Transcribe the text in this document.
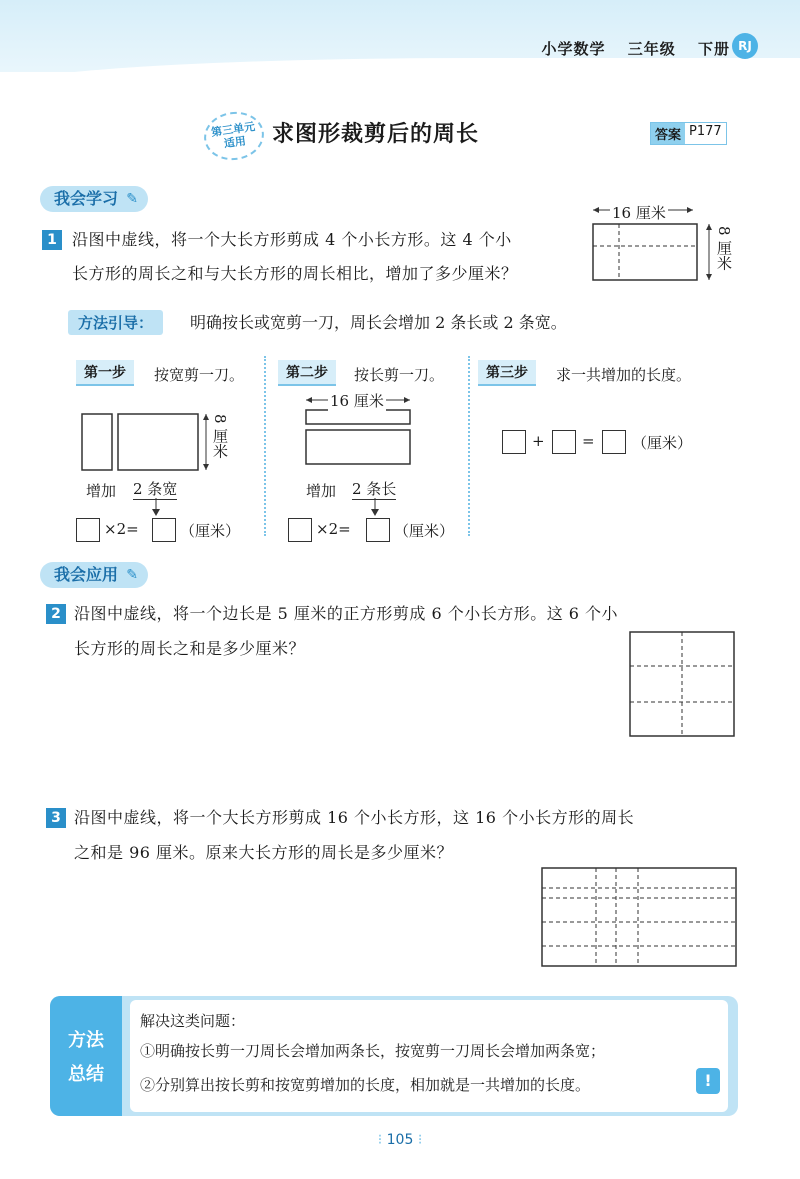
小学数学 三年级 下册 RJ
第三单元
适用 求图形裁剪后的周长	答案 P177
我会学习 ✎
1 沿图中虚线，将一个大长方形剪成 4 个小长方形。这 4 个小
长方形的周长之和与大长方形的周长相比，增加了多少厘米？
16 厘米
8 厘米
方法引导：	明确按长或宽剪一刀，周长会增加 2 条长或 2 条宽。
第一步	按宽剪一刀。
8 厘米
增加 2 条宽
×2=	（厘米）
第二步	按长剪一刀。
16 厘米
增加 2 条长
×2=	（厘米）
第三步	求一共增加的长度。
+ = （厘米）
我会应用 ✎
2 沿图中虚线，将一个边长是 5 厘米的正方形剪成 6 个小长方形。这 6 个小
长方形的周长之和是多少厘米？
3 沿图中虚线，将一个大长方形剪成 16 个小长方形，这 16 个小长方形的周长
之和是 96 厘米。原来大长方形的周长是多少厘米？
方法
总结
解决这类问题：
①明确按长剪一刀周长会增加两条长，按宽剪一刀周长会增加两条宽；
②分别算出按长剪和按宽剪增加的长度，相加就是一共增加的长度。	!
⁝ 105 ⁝
